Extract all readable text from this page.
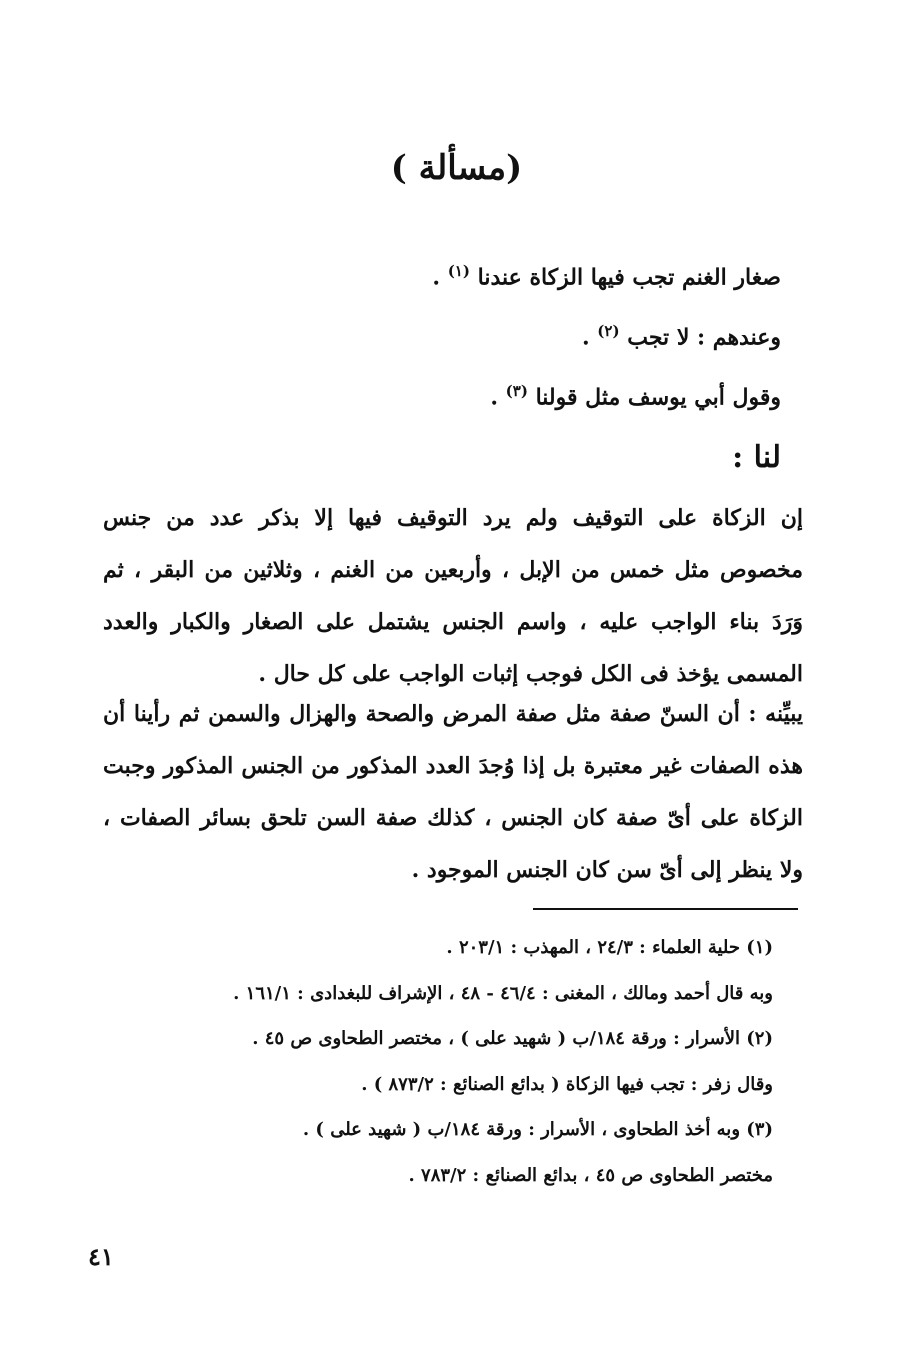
(مسألة )
صغار الغنم تجب فيها الزكاة عندنا $^{(١)}$ .
وعندهم : لا تجب $^{(٢)}$ .
وقول أبي يوسف مثل قولنا $^{(٣)}$ .
لنا :

إن الزكاة على التوقيف ولم يرد التوقيف فيها إلا بذكر عدد من جنس مخصوص مثل خمس من الإبل ، وأربعين من الغنم ، وثلاثين من البقر ، ثم وَرَدَ بناء الواجب عليه ، واسم الجنس يشتمل على الصغار والكبار والعدد المسمى يؤخذ فى الكل فوجب إثبات الواجب على كل حال .

يبيِّنه : أن السنّ صفة مثل صفة المرض والصحة والهزال والسمن ثم رأينا أن هذه الصفات غير معتبرة بل إذا وُجدَ العدد المذكور من الجنس المذكور وجبت الزكاة على أىّ صفة كان الجنس ، كذلك صفة السن تلحق بسائر الصفات ، ولا ينظر إلى أىّ سن كان الجنس الموجود .

(١) حلية العلماء : ٢٤/٣ ، المهذب : ٢٠٣/١ .
وبه قال أحمد ومالك ، المغنى : ٤٦/٤ - ٤٨ ، الإشراف للبغدادى : ١٦١/١ .
(٢) الأسرار : ورقة ١٨٤/ب ( شهيد على ) ، مختصر الطحاوى ص ٤٥ .
وقال زفر : تجب فيها الزكاة ( بدائع الصنائع : ٨٧٣/٢ ) .
(٣) وبه أخذ الطحاوى ، الأسرار : ورقة ١٨٤/ب ( شهيد على ) .
مختصر الطحاوى ص ٤٥ ، بدائع الصنائع : ٧٨٣/٢ .
٤١
